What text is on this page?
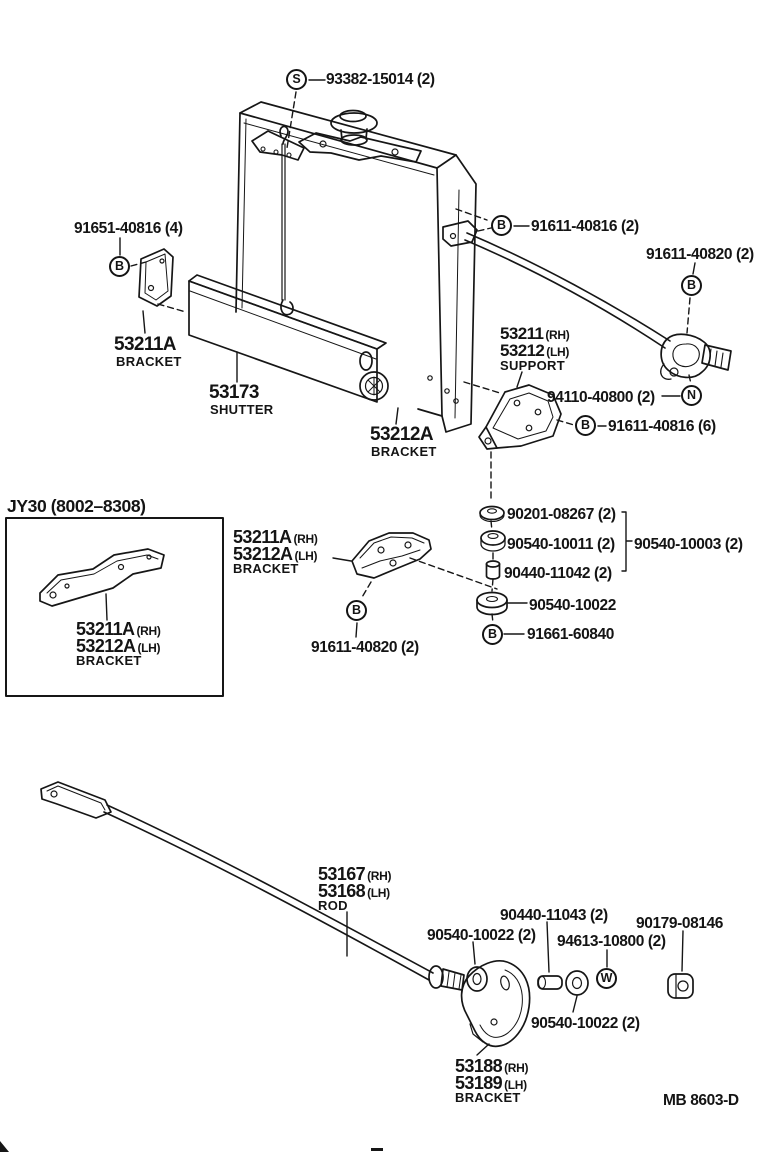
S
B
B
B
N
B
B
B
W
93382-15014 (2)
91651-40816 (4)
53211A
BRACKET
53173
SHUTTER
53212A
BRACKET
91611-40816 (2)
91611-40820 (2)
53211 (RH)
53212 (LH)
SUPPORT
94110-40800 (2)
91611-40816 (6)
JY30 (8002–8308)
53211A (RH)
53212A (LH)
BRACKET
53211A (RH)
53212A (LH)
BRACKET
91611-40820 (2)
90201-08267 (2)
90540-10011 (2) 90540-10003 (2)
90440-11042 (2)
90540-10022
91661-60840
53167 (RH)
53168 (LH)
ROD
90540-10022 (2)
90440-11043 (2)
94613-10800 (2)
90179-08146
90540-10022 (2)
53188 (RH)
53189 (LH)
BRACKET	MB 8603-D
